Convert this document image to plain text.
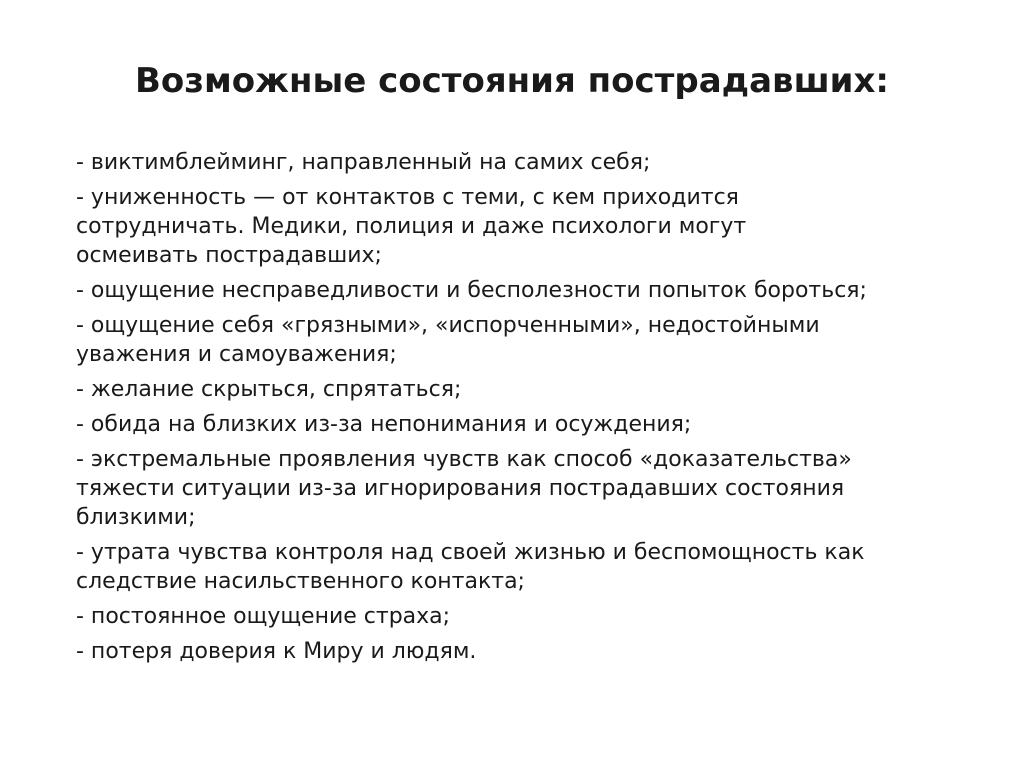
Возможные состояния пострадавших:
- виктимблейминг, направленный на самих себя;
- униженность — от контактов с теми, с кем приходится
сотрудничать. Медики, полиция и даже психологи могут
осмеивать пострадавших;
- ощущение несправедливости и бесполезности попыток бороться;
- ощущение себя «грязными», «испорченными», недостойными
уважения и самоуважения;
- желание скрыться, спрятаться;
- обида на близких из-за непонимания и осуждения;
- экстремальные проявления чувств как способ «доказательства»
тяжести ситуации из-за игнорирования пострадавших состояния
близкими;
- утрата чувства контроля над своей жизнью и беспомощность как
следствие насильственного контакта;
- постоянное ощущение страха;
- потеря доверия к Миру и людям.
